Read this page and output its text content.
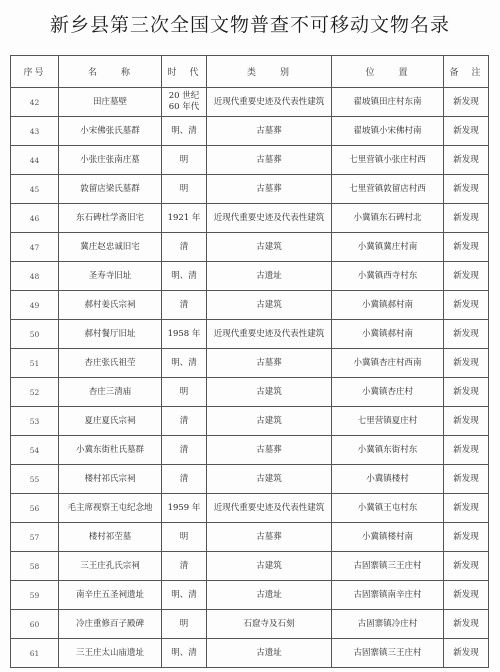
新乡县第三次全国文物普查不可移动文物名录
序号	名　　称	时　代	类　　别	位　　置	备　注
42	田庄墓壁	20 世纪 60 年代	近现代重要史迹及代表性建筑	翟坡镇田庄村东南	新发现
43	小宋佛张氏墓群	明、清	古墓葬	翟坡镇小宋佛村南	新发现
44	小张庄张南庄墓	明	古墓葬	七里营镇小张庄村西	新发现
45	敦留店梁氏墓群	明	古墓葬	七里营镇敦留店村西	新发现
46	东石碑杜学斋旧宅	1921 年	近现代重要史迹及代表性建筑	小冀镇东石碑村北	新发现
47	冀庄赵忠诚旧宅	清	古建筑	小冀镇冀庄村南	新发现
48	圣寿寺旧址	明、清	古遗址	小冀镇西寺村东	新发现
49	郝村姜氏宗祠	清	古建筑	小冀镇郝村南	新发现
50	郝村餐厅旧址	1958 年	近现代重要史迹及代表性建筑	小冀镇郝村南	新发现
51	杏庄张氏祖茔	明、清	古墓葬	小冀镇杏庄村西南	新发现
52	杏庄三清庙	明	古建筑	小冀镇杏庄村	新发现
53	夏庄夏氏宗祠	清	古建筑	七里营镇夏庄村	新发现
54	小冀东街杜氏墓群	清	古墓葬	小冀镇东街村东	新发现
55	楼村祁氏宗祠	清	古建筑	小冀镇楼村	新发现
56	毛主席视察王屯纪念地	1959 年	近现代重要史迹及代表性建筑	小冀镇王屯村东	新发现
57	楼村祁茔墓	明	古墓葬	小冀镇楼村南	新发现
58	三王庄孔氏宗祠	清	古建筑	古固寨镇三王庄村	新发现
59	南辛庄五圣祠遗址	明、清	古遗址	古固寨镇南辛庄村	新发现
60	冷庄重修百子殿碑	明	石窟寺及石刻	古固寨镇冷庄村	新发现
61	三王庄太山庙遗址	明、清	古遗址	古固寨镇三王庄村	新发现
